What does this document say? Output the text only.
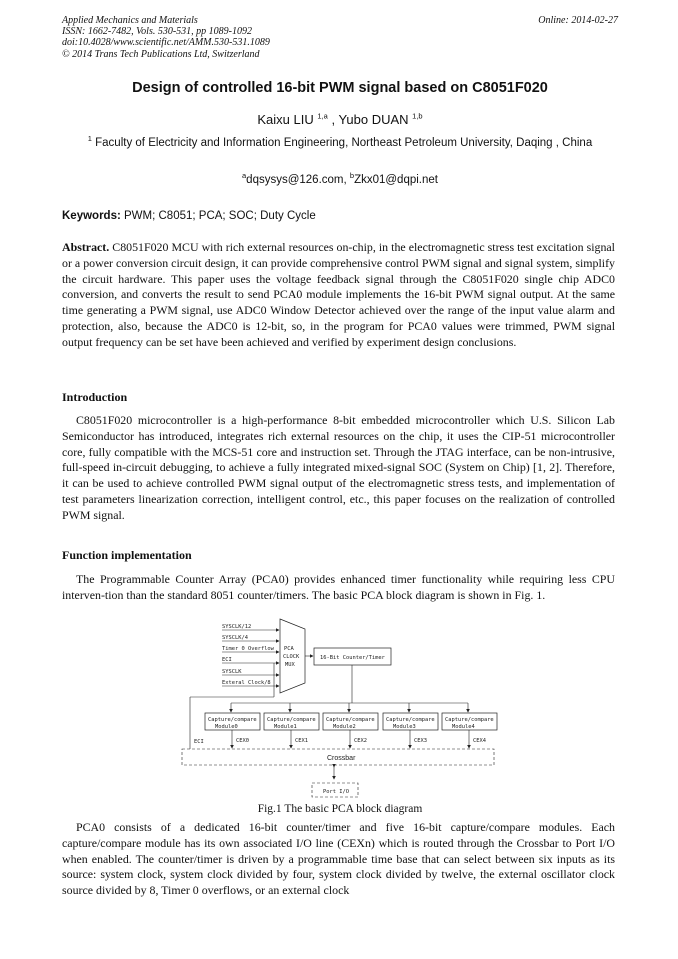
Applied Mechanics and Materials
ISSN: 1662-7482, Vols. 530-531, pp 1089-1092
doi:10.4028/www.scientific.net/AMM.530-531.1089
© 2014 Trans Tech Publications Ltd, Switzerland
Online: 2014-02-27
Design of controlled 16-bit PWM signal based on C8051F020
Kaixu LIU $^{1,a}$ , Yubo DUAN $^{1,b}$
$^1$ Faculty of Electricity and Information Engineering, Northeast Petroleum University, Daqing , China
$^a$dqsysys@126.com, $^b$Zkx01@dqpi.net
Keywords: PWM; C8051; PCA; SOC; Duty Cycle
Abstract. C8051F020 MCU with rich external resources on-chip, in the electromagnetic stress test excitation signal or a power conversion circuit design, it can provide comprehensive control PWM signal and signal system, simplify the circuit hardware. This paper uses the voltage feedback signal through the C8051F020 single chip ADC0 conversion, and converts the result to send PCA0 module implements the 16-bit PWM signal output. At the same time generating a PWM signal, use ADC0 Window Detector achieved over the range of the input value alarm and protection, also, because the ADC0 is 12-bit, so, in the program for PCA0 values were trimmed, PWM signal output frequency can be set have been achieved and verified by experiment design conclusions.
Introduction
C8051F020 microcontroller is a high-performance 8-bit embedded microcontroller which U.S. Silicon Lab Semiconductor has introduced, integrates rich external resources on the chip, it uses the CIP-51 microcontroller core, fully compatible with the MCS-51 core and instruction set. Through the JTAG interface, can be non-intrusive, full-speed in-circuit debugging, to achieve a fully integrated mixed-signal SOC (System on Chip) [1, 2]. Therefore, it can be used to achieve controlled PWM signal output of the electromagnetic stress tests, and implementation of test parameters linearization correction, intelligent control, etc., this paper focuses on the realization of controlled PWM signal.
Function implementation
The Programmable Counter Array (PCA0) provides enhanced timer functionality while requiring less CPU interven-tion than the standard 8051 counter/timers. The basic PCA block diagram is shown in Fig. 1.
SYSCLK/12
SYSCLK/4
Timer 0 Overflow
ECI
SYSCLK
Exteral Clock/8
PCA
CLOCK
MUX
16-Bit Counter/Timer
Capture/compare Capture/compare Capture/compare Capture/compare Capture/compare
Module0	Module1	Module2	Module3	Module4
CEX0	CEX1	CEX2	CEX3	CEX4
ECI
Crossbar
Port I/O
Fig.1 The basic PCA block diagram
PCA0 consists of a dedicated 16-bit counter/timer and five 16-bit capture/compare modules. Each capture/compare module has its own associated I/O line (CEXn) which is routed through the Crossbar to Port I/O when enabled. The counter/timer is driven by a programmable time base that can select between six inputs as its source: system clock, system clock divided by four, system clock divided by twelve, the external oscillator clock source divided by 8, Timer 0 overflows, or an external clock
